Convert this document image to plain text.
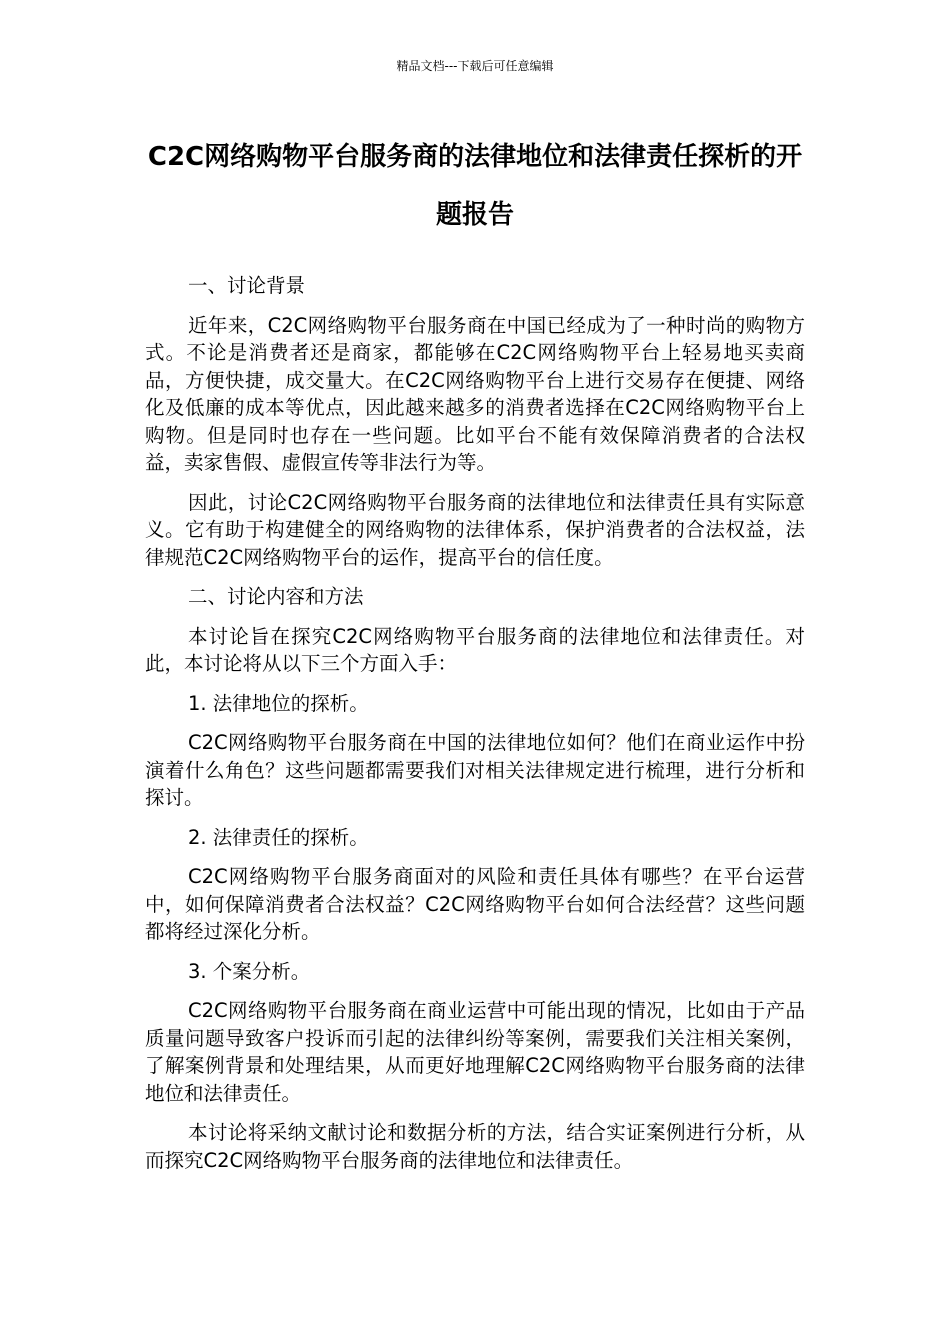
精品文档---下载后可任意编辑
C2C网络购物平台服务商的法律地位和法律责任探析的开题报告

一、讨论背景

近年来，C2C网络购物平台服务商在中国已经成为了一种时尚的购物方式。不论是消费者还是商家，都能够在C2C网络购物平台上轻易地买卖商品，方便快捷，成交量大。在C2C网络购物平台上进行交易存在便捷、网络化及低廉的成本等优点，因此越来越多的消费者选择在C2C网络购物平台上购物。但是同时也存在一些问题。比如平台不能有效保障消费者的合法权益，卖家售假、虚假宣传等非法行为等。

因此，讨论C2C网络购物平台服务商的法律地位和法律责任具有实际意义。它有助于构建健全的网络购物的法律体系，保护消费者的合法权益，法律规范C2C网络购物平台的运作，提高平台的信任度。

二、讨论内容和方法

本讨论旨在探究C2C网络购物平台服务商的法律地位和法律责任。对此，本讨论将从以下三个方面入手：

1. 法律地位的探析。

C2C网络购物平台服务商在中国的法律地位如何？他们在商业运作中扮演着什么角色？这些问题都需要我们对相关法律规定进行梳理，进行分析和探讨。

2. 法律责任的探析。

C2C网络购物平台服务商面对的风险和责任具体有哪些？在平台运营中，如何保障消费者合法权益？C2C网络购物平台如何合法经营？这些问题都将经过深化分析。

3. 个案分析。

C2C网络购物平台服务商在商业运营中可能出现的情况，比如由于产品质量问题导致客户投诉而引起的法律纠纷等案例，需要我们关注相关案例，了解案例背景和处理结果，从而更好地理解C2C网络购物平台服务商的法律地位和法律责任。

本讨论将采纳文献讨论和数据分析的方法，结合实证案例进行分析，从而探究C2C网络购物平台服务商的法律地位和法律责任。
